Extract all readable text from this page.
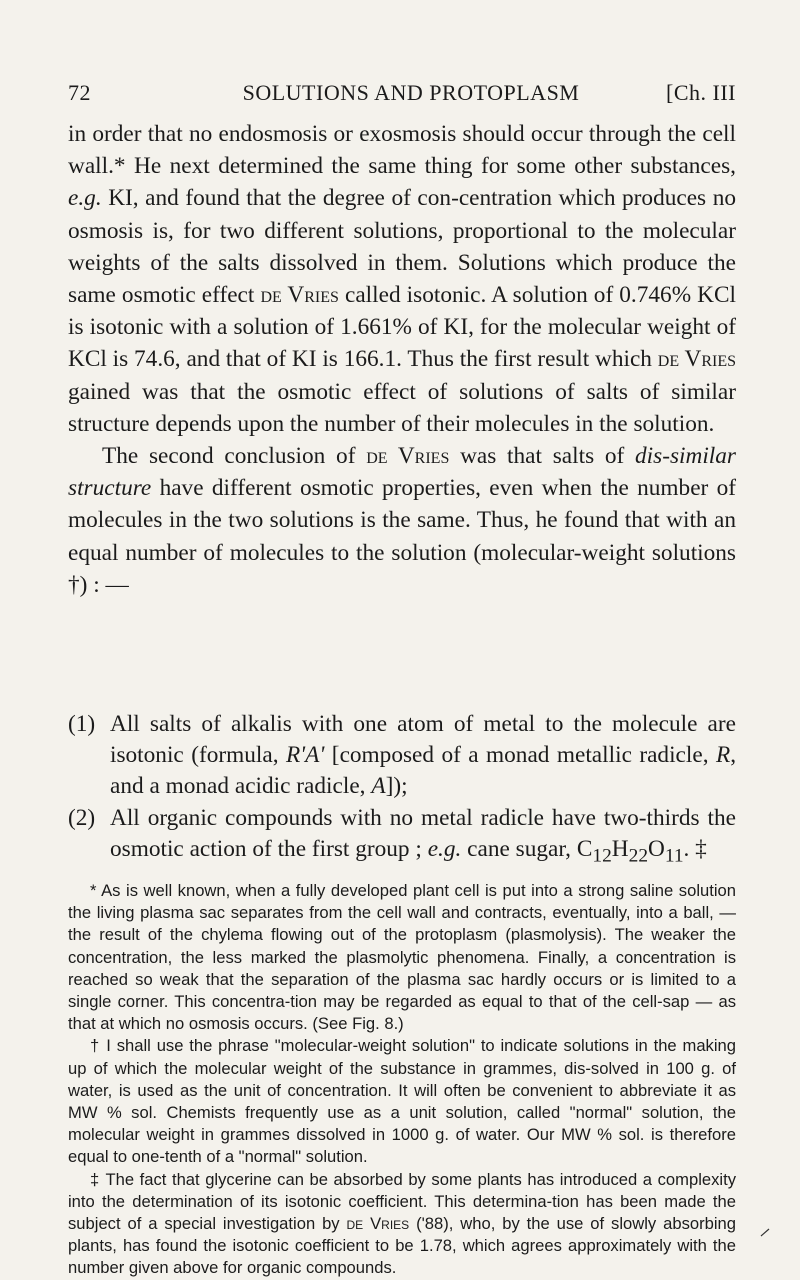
72	SOLUTIONS AND PROTOPLASM	[Ch. III

in order that no endosmosis or exosmosis should occur through the cell wall.* He next determined the same thing for some other substances, e.g. KI, and found that the degree of con-centration which produces no osmosis is, for two different solutions, proportional to the molecular weights of the salts dissolved in them. Solutions which produce the same osmotic effect de Vries called isotonic. A solution of 0.746% KCl is isotonic with a solution of 1.661% of KI, for the molecular weight of KCl is 74.6, and that of KI is 166.1. Thus the first result which de Vries gained was that the osmotic effect of solutions of salts of similar structure depends upon the number of their molecules in the solution.

The second conclusion of de Vries was that salts of dis-similar structure have different osmotic properties, even when the number of molecules in the two solutions is the same. Thus, he found that with an equal number of molecules to the solution (molecular-weight solutions †) : —

(1) All salts of alkalis with one atom of metal to the molecule are isotonic (formula, R'A' [composed of a monad metallic radicle, R, and a monad acidic radicle, A]);
(2) All organic compounds with no metal radicle have two-thirds the osmotic action of the first group ; e.g. cane sugar, $C_{12}H_{22}O_{11}$. ‡

* As is well known, when a fully developed plant cell is put into a strong saline solution the living plasma sac separates from the cell wall and contracts, eventually, into a ball, — the result of the chylema flowing out of the protoplasm (plasmolysis). The weaker the concentration, the less marked the plasmolytic phenomena. Finally, a concentration is reached so weak that the separation of the plasma sac hardly occurs or is limited to a single corner. This concentra-tion may be regarded as equal to that of the cell-sap — as that at which no osmosis occurs. (See Fig. 8.)

† I shall use the phrase "molecular-weight solution" to indicate solutions in the making up of which the molecular weight of the substance in grammes, dis-solved in 100 g. of water, is used as the unit of concentration. It will often be convenient to abbreviate it as MW % sol. Chemists frequently use as a unit solution, called "normal" solution, the molecular weight in grammes dissolved in 1000 g. of water. Our MW % sol. is therefore equal to one-tenth of a "normal" solution.

‡ The fact that glycerine can be absorbed by some plants has introduced a complexity into the determination of its isotonic coefficient. This determina-tion has been made the subject of a special investigation by de Vries ('88), who, by the use of slowly absorbing plants, has found the isotonic coefficient to be 1.78, which agrees approximately with the number given above for organic compounds.
